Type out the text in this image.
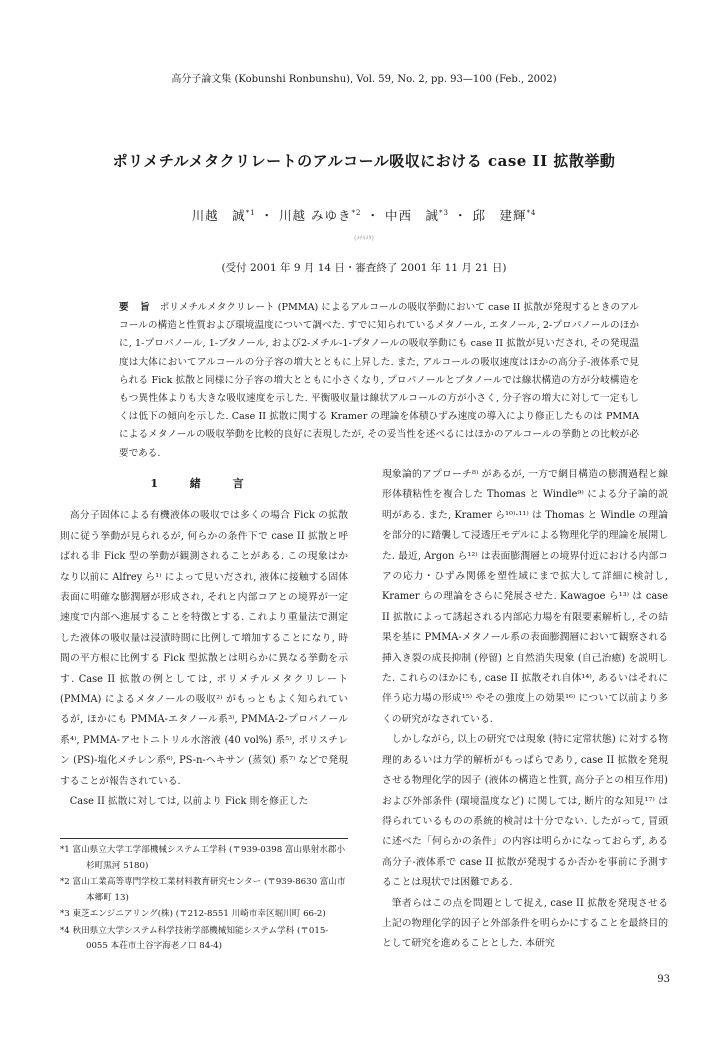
高分子論文集 (Kobunshi Ronbunshu), Vol. 59, No. 2, pp. 93—100 (Feb., 2002)
ポリメチルメタクリレートのアルコール吸収における case II 拡散挙動
川越　誠$^{*1}$ ・ 川越 みゆき$^{*2}$ ・ 中西　誠$^{*3}$ ・ 邱　建輝$^{*4}$
(ﾒﾁﾙﾒﾀ)
(受付 2001 年 9 月 14 日・審査終了 2001 年 11 月 21 日)
要 旨 ポリメチルメタクリレート (PMMA) によるアルコールの吸収挙動において case II 拡散が発現するときのアルコールの構造と性質および環境温度について調べた. すでに知られているメタノール, エタノール, 2-プロパノールのほかに, 1-プロパノール, 1-ブタノール, および2-メチル-1-プタノールの吸収挙動にも case II 拡散が見いだされ, その発現温度は大体においてアルコールの分子容の増大とともに上昇した. また, アルコールの吸収速度はほかの高分子-液体系で見られる Fick 拡散と同様に分子容の増大とともに小さくなり, プロパノールとブタノールでは線状構造の方が分岐構造をもつ異性体よりも大きな吸収速度を示した. 平衡吸収量は線状アルコールの方が小さく, 分子容の増大に対して一定もしくは低下の傾向を示した. Case II 拡散に関する Kramer の理論を体積ひずみ速度の導入により修正したものは PMMA によるメタノールの吸収挙動を比較的良好に表現したが, その妥当性を述べるにはほかのアルコールの挙動との比較が必要である.
1 緒 言

高分子固体による有機液体の吸収では多くの場合 Fick の拡散則に従う挙動が見られるが, 何らかの条件下で case II 拡散と呼ばれる非 Fick 型の挙動が観測されることがある. この現象はかなり以前に Alfrey ら¹⁾ によって見いだされ, 液体に接触する固体表面に明確な膨潤層が形成され, それと内部コアとの境界が一定速度で内部へ進展することを特徴とする. これより重量法で測定した液体の吸収量は浸漬時間に比例して増加することになり, 時間の平方根に比例する Fick 型拡散とは明らかに異なる挙動を示す. Case II 拡散の例としては, ポリメチルメタクリレート (PMMA) によるメタノールの吸収²⁾ がもっともよく知られているが, ほかにも PMMA-エタノール系³⁾, PMMA-2-プロパノール系⁴⁾, PMMA-アセトニトリル水溶液 (40 vol%) 系⁵⁾, ポリスチレン (PS)-塩化メチレン系⁶⁾, PS-n-ヘキサン (蒸気) 系⁷⁾ などで発現することが報告されている.

Case II 拡散に対しては, 以前より Fick 則を修正した

現象論的アプローチ⁸⁾ があるが, 一方で網目構造の膨潤過程と線形体積粘性を複合した Thomas と Windle⁹⁾ による分子論的説明がある. また, Kramer ら¹⁰⁾·¹¹⁾ は Thomas と Windle の理論を部分的に踏襲して浸透圧モデルによる物理化学的理論を展開した. 最近, Argon ら¹²⁾ は表面膨潤層との境界付近における内部コアの応力・ひずみ関係を塑性域にまで拡大して詳細に検討し, Kramer らの理論をさらに発展させた. Kawagoe ら¹³⁾ は case II 拡散によって誘起される内部応力場を有限要素解析し, その結果を基に PMMA-メタノール系の表面膨潤層において観察される挿入き裂の成長抑制 (停留) と自然消失現象 (自己治癒) を説明した. これらのほかにも, case II 拡散それ自体¹⁴⁾, あるいはそれに伴う応力場の形成¹⁵⁾ やその強度上の効果¹⁶⁾ について以前より多くの研究がなされている.

しかしながら, 以上の研究では現象 (特に定常状態) に対する物理的あるいは力学的解析がもっぱらであり, case II 拡散を発現させる物理化学的因子 (液体の構造と性質, 高分子との相互作用) および外部条件 (環境温度など) に関しては, 断片的な知見¹⁷⁾ は得られているものの系統的検討は十分でない. したがって, 冒頭に述べた「何らかの条件」の内容は明らかになっておらず, ある高分子-液体系で case II 拡散が発現するか否かを事前に予測することは現状では困難である.

筆者らはこの点を問題として捉え, case II 拡散を発現させる上記の物理化学的因子と外部条件を明らかにすることを最終目的として研究を進めることとした. 本研究

*1 富山県立大学工学部機械システム工学科 (〒939-0398 富山県射水郡小杉町黒河 5180)

*2 富山工業高等専門学校工業材料教育研究センター (〒939-8630 富山市本郷町 13)

*3 東芝エンジニアリング(株) (〒212-8551 川崎市幸区堀川町 66-2)

*4 秋田県立大学システム科学技術学部機械知能システム学科 (〒015-0055 本荘市土谷字海老ノ口 84-4)

93
